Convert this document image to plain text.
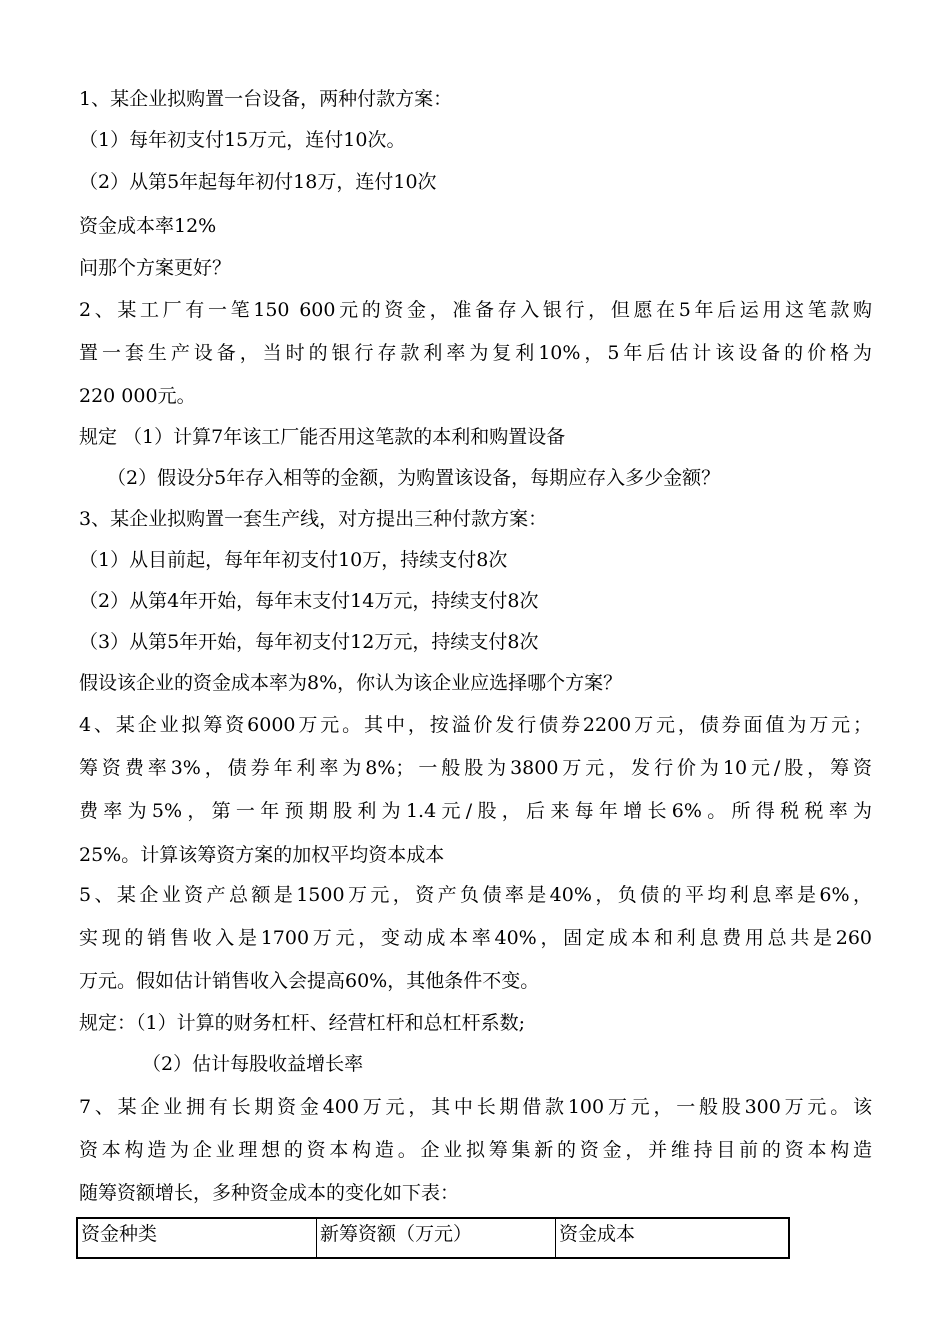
1、某企业拟购置一台设备，两种付款方案：
（1）每年初支付15万元，连付10次。
（2）从第5年起每年初付18万，连付10次
资金成本率12%
问那个方案更好？
2、某工厂有一笔150 600元的资金，准备存入银行，但愿在5年后运用这笔款购
置一套生产设备，当时的银行存款利率为复利10%，5年后估计该设备的价格为
220 000元。
规定 （1）计算7年该工厂能否用这笔款的本利和购置设备
（2）假设分5年存入相等的金额，为购置该设备，每期应存入多少金额？
3、某企业拟购置一套生产线，对方提出三种付款方案：
（1）从目前起，每年年初支付10万，持续支付8次
（2）从第4年开始，每年末支付14万元，持续支付8次
（3）从第5年开始，每年初支付12万元，持续支付8次
假设该企业的资金成本率为8%，你认为该企业应选择哪个方案？
4、某企业拟筹资6000万元。其中，按溢价发行债券2200万元，债券面值为万元；
筹资费率3%，债券年利率为8%；一般股为3800万元，发行价为10元/股，筹资
费率为5%，第一年预期股利为1.4元/股，后来每年增长6%。所得税税率为
25%。计算该筹资方案的加权平均资本成本
5、某企业资产总额是1500万元，资产负债率是40%，负债的平均利息率是6%，
实现的销售收入是1700万元，变动成本率40%，固定成本和利息费用总共是260
万元。假如估计销售收入会提高60%，其他条件不变。
规定：（1）计算的财务杠杆、经营杠杆和总杠杆系数;
（2）估计每股收益增长率
7、某企业拥有长期资金400万元，其中长期借款100万元，一般股300万元。该
资本构造为企业理想的资本构造。企业拟筹集新的资金，并维持目前的资本构造
随筹资额增长，多种资金成本的变化如下表：
资金种类	新筹资额（万元）	资金成本
